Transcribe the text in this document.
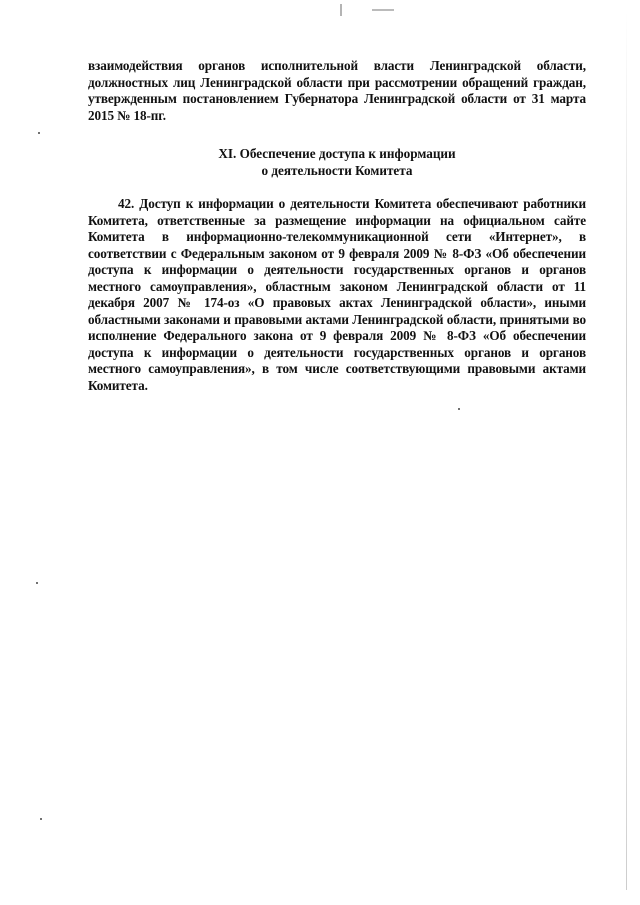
взаимодействия органов исполнительной власти Ленинградской области,
должностных лиц Ленинградской области при рассмотрении обращений граждан,
утвержденным постановлением Губернатора Ленинградской области от 31 марта
2015 № 18-пг.
XI. Обеспечение доступа к информации
о деятельности Комитета
42. Доступ к информации о деятельности Комитета обеспечивают работники
Комитета, ответственные за размещение информации на официальном сайте
Комитета в информационно-телекоммуникационной сети «Интернет», в
соответствии с Федеральным законом от 9 февраля 2009 № 8-ФЗ «Об обеспечении
доступа к информации о деятельности государственных органов и органов
местного самоуправления», областным законом Ленинградской области от 11
декабря 2007 № 174-оз «О правовых актах Ленинградской области», иными
областными законами и правовыми актами Ленинградской области, принятыми во
исполнение Федерального закона от 9 февраля 2009 № 8-ФЗ «Об обеспечении
доступа к информации о деятельности государственных органов и органов
местного самоуправления», в том числе соответствующими правовыми актами
Комитета.
